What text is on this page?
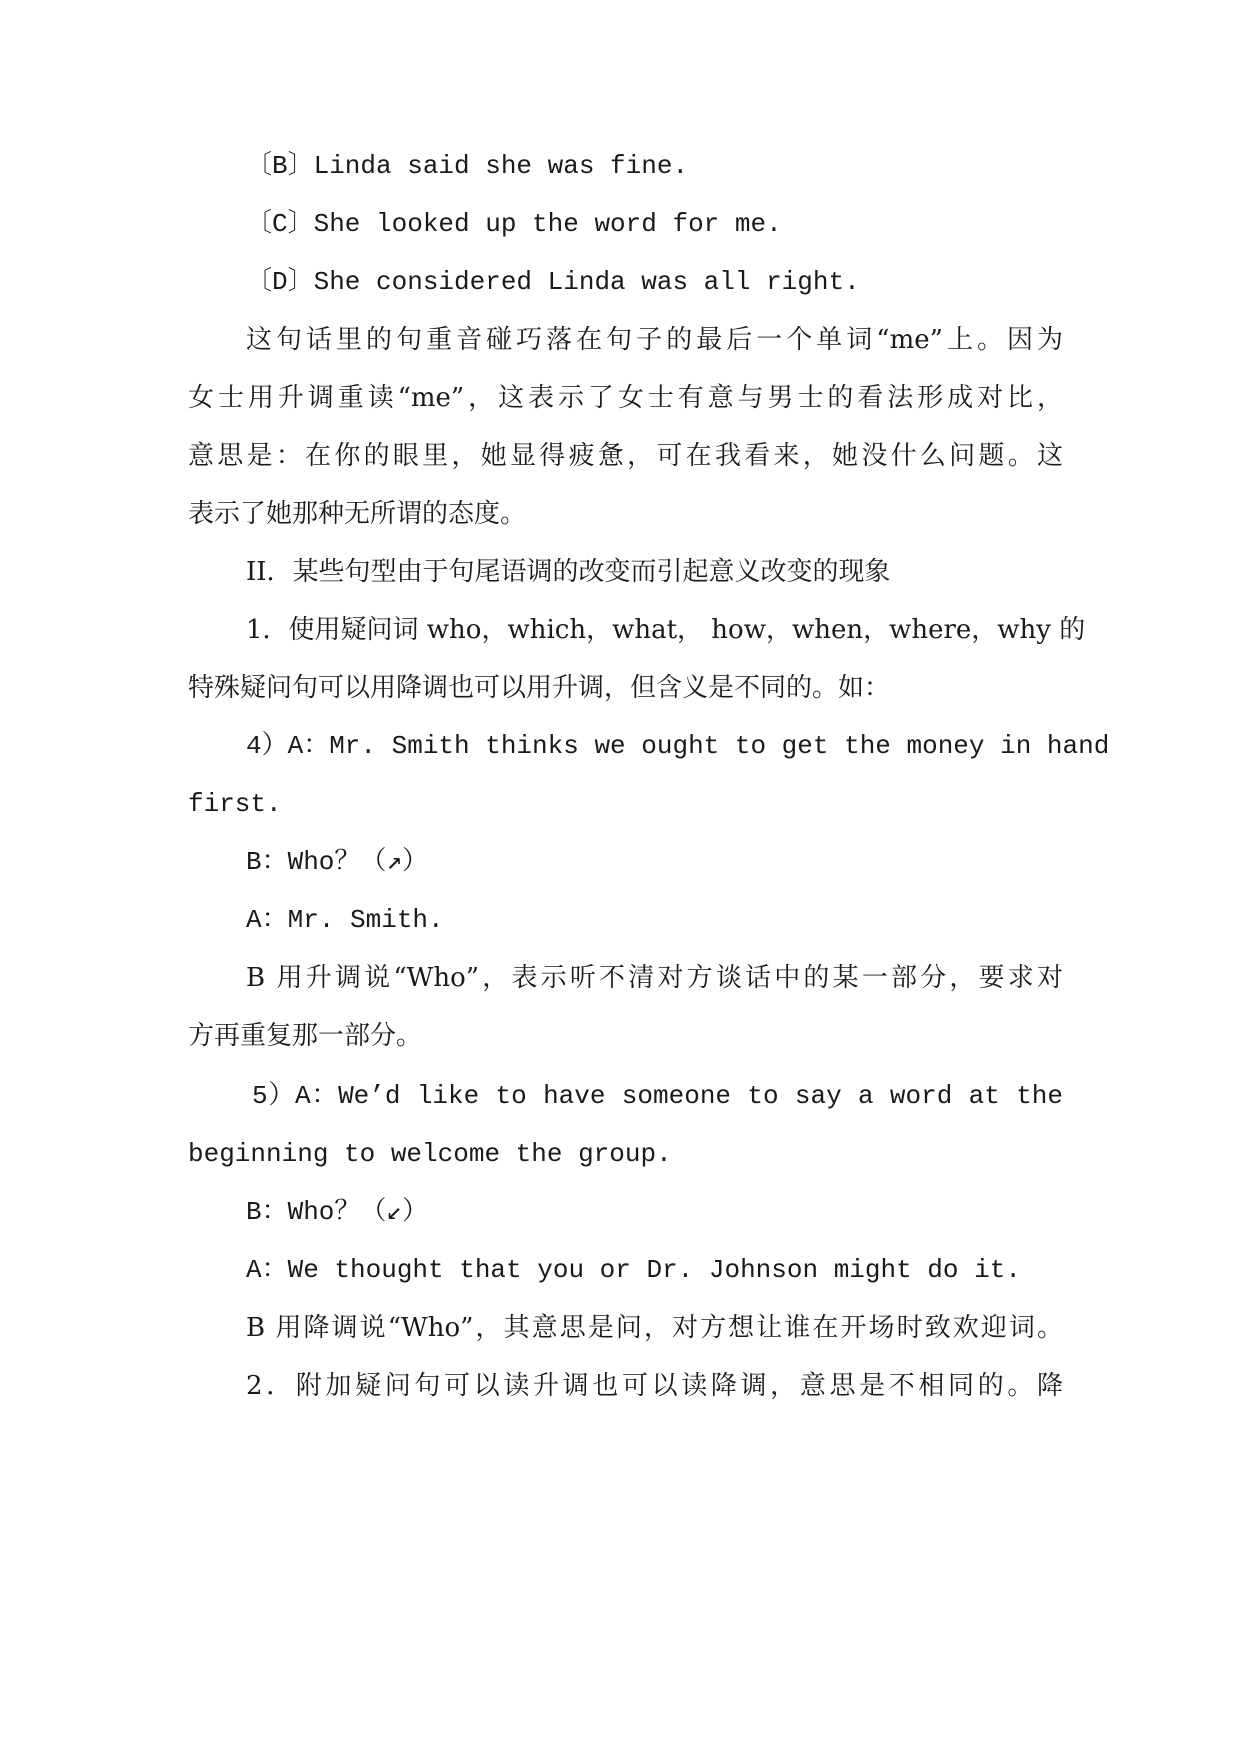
〔B〕Linda said she was fine.
〔C〕She looked up the word for me.
〔D〕She considered Linda was all right.
这句话里的句重音碰巧落在句子的最后一个单词“me”上。因为
女士用升调重读“me”，这表示了女士有意与男士的看法形成对比，
意思是：在你的眼里，她显得疲惫，可在我看来，她没什么问题。这
表示了她那种无所谓的态度。
II．某些句型由于句尾语调的改变而引起意义改变的现象
1．使用疑问词 who，which，what， how，when，where，why 的
特殊疑问句可以用降调也可以用升调，但含义是不同的。如：
4）A：Mr. Smith thinks we ought to get the money in hand
first.
B：Who？（↗）
A：Mr. Smith.
B 用升调说“Who”，表示听不清对方谈话中的某一部分，要求对
方再重复那一部分。
5）A：We’d like to have someone to say a word at the
beginning to welcome the group.
B：Who？（↙）
A：We thought that you or Dr. Johnson might do it.
B 用降调说“Who”，其意思是问，对方想让谁在开场时致欢迎词。
2．附加疑问句可以读升调也可以读降调，意思是不相同的。降
